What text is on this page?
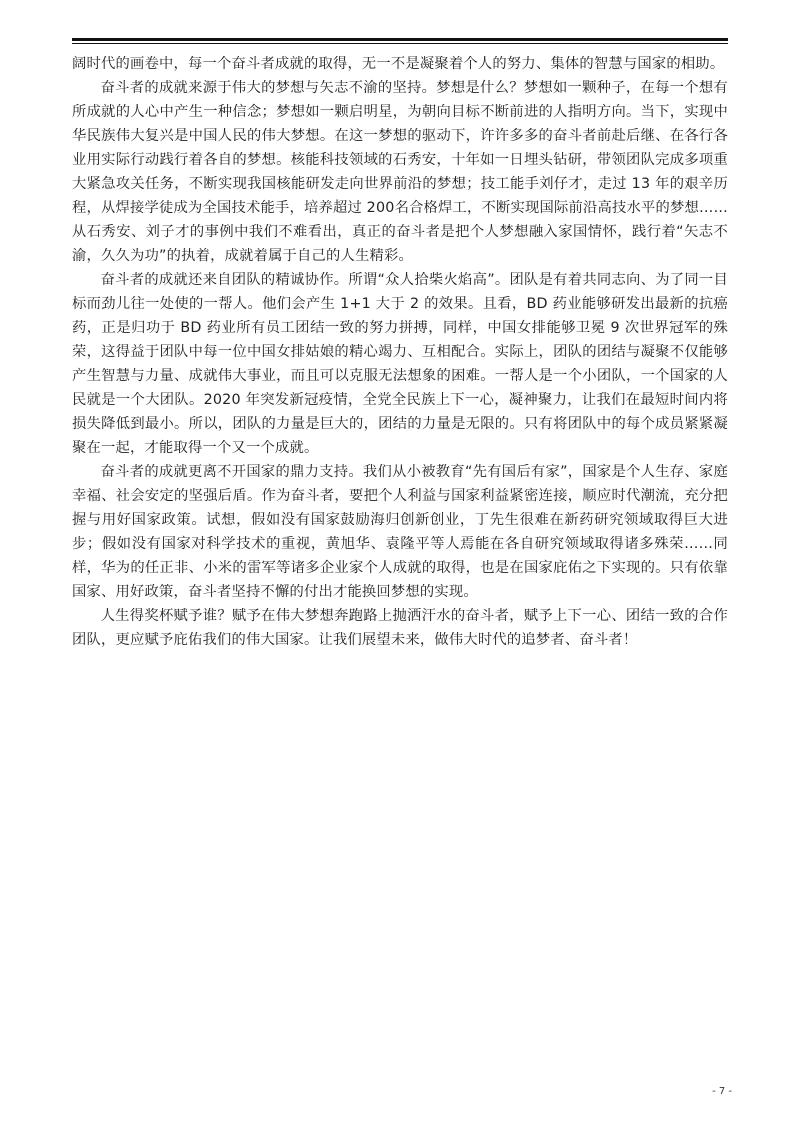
阔时代的画卷中，每一个奋斗者成就的取得，无一不是凝聚着个人的努力、集体的智慧与国家的相助。

奋斗者的成就来源于伟大的梦想与矢志不渝的坚持。梦想是什么？梦想如一颗种子，在每一个想有所成就的人心中产生一种信念；梦想如一颗启明星，为朝向目标不断前进的人指明方向。当下，实现中华民族伟大复兴是中国人民的伟大梦想。在这一梦想的驱动下，许许多多的奋斗者前赴后继、在各行各业用实际行动践行着各自的梦想。核能科技领域的石秀安，十年如一日埋头钻研，带领团队完成多项重大紧急攻关任务，不断实现我国核能研发走向世界前沿的梦想；技工能手刘仔才，走过 13 年的艰辛历程，从焊接学徒成为全国技术能手，培养超过 200名合格焊工，不断实现国际前沿高技水平的梦想……从石秀安、刘子才的事例中我们不难看出，真正的奋斗者是把个人梦想融入家国情怀，践行着“矢志不渝，久久为功”的执着，成就着属于自己的人生精彩。

奋斗者的成就还来自团队的精诚协作。所谓“众人拾柴火焰高”。团队是有着共同志向、为了同一目标而劲儿往一处使的一帮人。他们会产生 1+1 大于 2 的效果。且看，BD 药业能够研发出最新的抗癌药，正是归功于 BD 药业所有员工团结一致的努力拼搏，同样，中国女排能够卫冕 9 次世界冠军的殊荣，这得益于团队中每一位中国女排姑娘的精心竭力、互相配合。实际上，团队的团结与凝聚不仅能够产生智慧与力量、成就伟大事业，而且可以克服无法想象的困难。一帮人是一个小团队，一个国家的人民就是一个大团队。2020 年突发新冠疫情，全党全民族上下一心，凝神聚力，让我们在最短时间内将损失降低到最小。所以，团队的力量是巨大的，团结的力量是无限的。只有将团队中的每个成员紧紧凝聚在一起，才能取得一个又一个成就。

奋斗者的成就更离不开国家的鼎力支持。我们从小被教育“先有国后有家”，国家是个人生存、家庭幸福、社会安定的坚强后盾。作为奋斗者，要把个人利益与国家利益紧密连接，顺应时代潮流，充分把握与用好国家政策。试想，假如没有国家鼓励海归创新创业，丁先生很难在新药研究领域取得巨大进步；假如没有国家对科学技术的重视，黄旭华、袁隆平等人焉能在各自研究领域取得诸多殊荣……同样，华为的任正非、小米的雷军等诸多企业家个人成就的取得，也是在国家庇佑之下实现的。只有依靠国家、用好政策，奋斗者坚持不懈的付出才能换回梦想的实现。

人生得奖杯赋予谁？赋予在伟大梦想奔跑路上抛洒汗水的奋斗者，赋予上下一心、团结一致的合作团队，更应赋予庇佑我们的伟大国家。让我们展望未来，做伟大时代的追梦者、奋斗者！

- 7 -
